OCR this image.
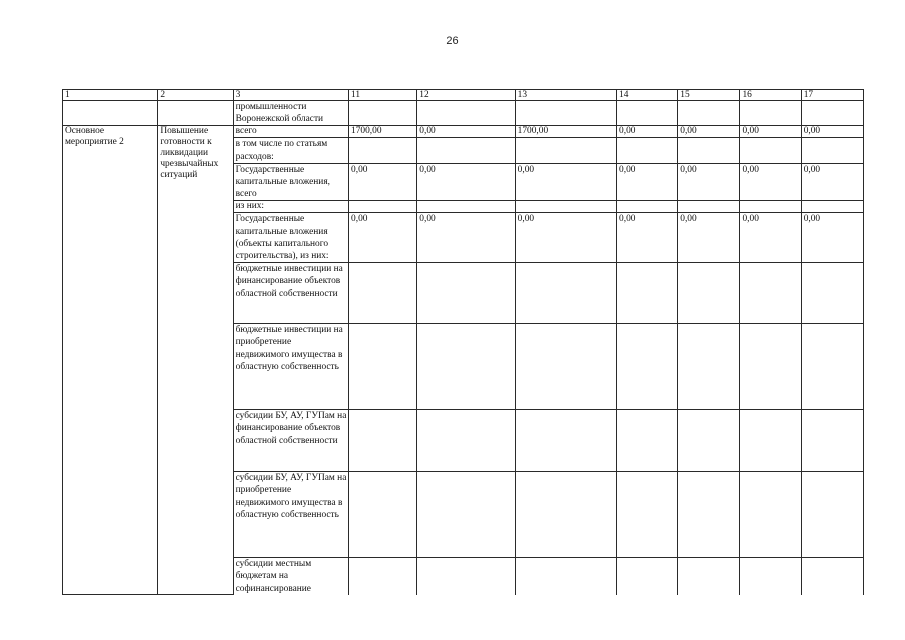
26
1	2	3	11	12	13	14	15	16	17
		промышленности Воронежской области							
Основное мероприятие 2	Повышение готовности к ликвидации чрезвычайных ситуаций	всего	1700,00	0,00	1700,00	0,00	0,00	0,00	0,00
		в том числе по статьям расходов:							
		Государственные капитальные вложения, всего	0,00	0,00	0,00	0,00	0,00	0,00	0,00
		из них:							
		Государственные капитальные вложения (объекты капитального строительства), из них:	0,00	0,00	0,00	0,00	0,00	0,00	0,00
		бюджетные инвестиции на финансирование объектов областной собственности							
		бюджетные инвестиции на приобретение недвижимого имущества в областную собственность							
		субсидии БУ, АУ, ГУПам на финансирование объектов областной собственности							
		субсидии БУ, АУ, ГУПам на приобретение недвижимого имущества в областную собственность							
		субсидии местным бюджетам на софинансирование							
